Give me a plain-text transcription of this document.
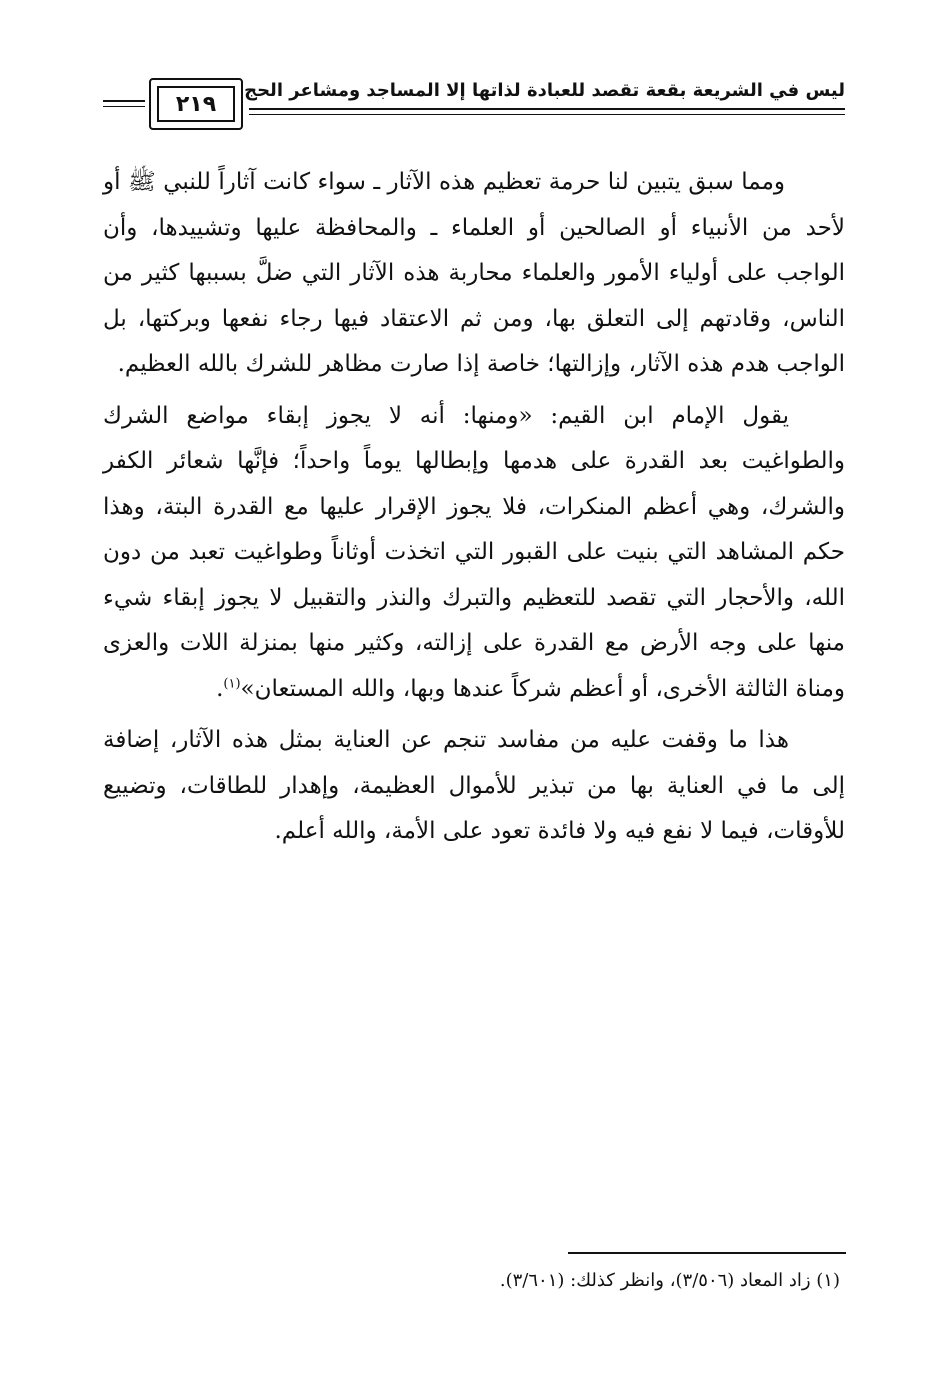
ليس في الشريعة بقعة تقصد للعبادة لذاتها إلا المساجد ومشاعر الحج
٢١٩

ومما سبق يتبين لنا حرمة تعظيم هذه الآثار ـ سواء كانت آثاراً للنبي ﷺ أو لأحد من الأنبياء أو الصالحين أو العلماء ـ والمحافظة عليها وتشييدها، وأن الواجب على أولياء الأمور والعلماء محاربة هذه الآثار التي ضلَّ بسببها كثير من الناس، وقادتهم إلى التعلق بها، ومن ثم الاعتقاد فيها رجاء نفعها وبركتها، بل الواجب هدم هذه الآثار، وإزالتها؛ خاصة إذا صارت مظاهر للشرك بالله العظيم.

يقول الإمام ابن القيم: «ومنها: أنه لا يجوز إبقاء مواضع الشرك والطواغيت بعد القدرة على هدمها وإبطالها يوماً واحداً؛ فإنَّها شعائر الكفر والشرك، وهي أعظم المنكرات، فلا يجوز الإقرار عليها مع القدرة البتة، وهذا حكم المشاهد التي بنيت على القبور التي اتخذت أوثاناً وطواغيت تعبد من دون الله، والأحجار التي تقصد للتعظيم والتبرك والنذر والتقبيل لا يجوز إبقاء شيء منها على وجه الأرض مع القدرة على إزالته، وكثير منها بمنزلة اللات والعزى ومناة الثالثة الأخرى، أو أعظم شركاً عندها وبها، والله المستعان»$^{(١)}$.

هذا ما وقفت عليه من مفاسد تنجم عن العناية بمثل هذه الآثار، إضافة إلى ما في العناية بها من تبذير للأموال العظيمة، وإهدار للطاقات، وتضييع للأوقات، فيما لا نفع فيه ولا فائدة تعود على الأمة، والله أعلم.

(١) زاد المعاد (٣/٥٠٦)، وانظر كذلك: (٣/٦٠١).
